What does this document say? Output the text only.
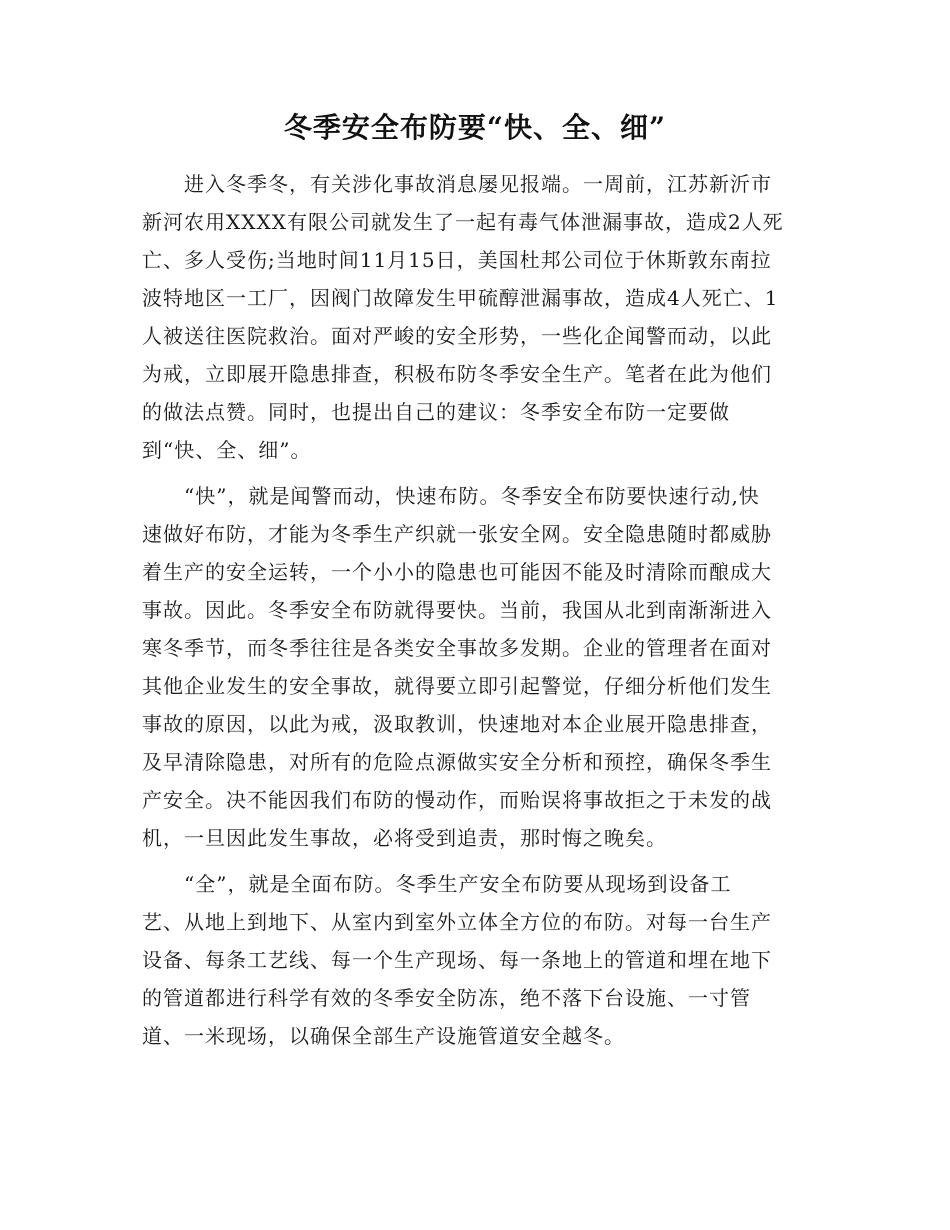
冬季安全布防要“快、全、细”
进入冬季冬，有关涉化事故消息屡见报端。一周前，江苏新沂市
新河农用XXXX有限公司就发生了一起有毒气体泄漏事故，造成2人死
亡、多人受伤;当地时间11月15日，美国杜邦公司位于休斯敦东南拉
波特地区一工厂，因阀门故障发生甲硫醇泄漏事故，造成4人死亡、1
人被送往医院救治。面对严峻的安全形势，一些化企闻警而动，以此
为戒，立即展开隐患排查，积极布防冬季安全生产。笔者在此为他们
的做法点赞。同时，也提出自己的建议：冬季安全布防一定要做
到“快、全、细”。
“快”，就是闻警而动，快速布防。冬季安全布防要快速行动,快
速做好布防，才能为冬季生产织就一张安全网。安全隐患随时都威胁
着生产的安全运转，一个小小的隐患也可能因不能及时清除而酿成大
事故。因此。冬季安全布防就得要快。当前，我国从北到南渐渐进入
寒冬季节，而冬季往往是各类安全事故多发期。企业的管理者在面对
其他企业发生的安全事故，就得要立即引起警觉，仔细分析他们发生
事故的原因，以此为戒，汲取教训，快速地对本企业展开隐患排查，
及早清除隐患，对所有的危险点源做实安全分析和预控，确保冬季生
产安全。决不能因我们布防的慢动作，而贻误将事故拒之于未发的战
机，一旦因此发生事故，必将受到追责，那时悔之晚矣。
“全”，就是全面布防。冬季生产安全布防要从现场到设备工
艺、从地上到地下、从室内到室外立体全方位的布防。对每一台生产
设备、每条工艺线、每一个生产现场、每一条地上的管道和埋在地下
的管道都进行科学有效的冬季安全防冻，绝不落下台设施、一寸管
道、一米现场，以确保全部生产设施管道安全越冬。
